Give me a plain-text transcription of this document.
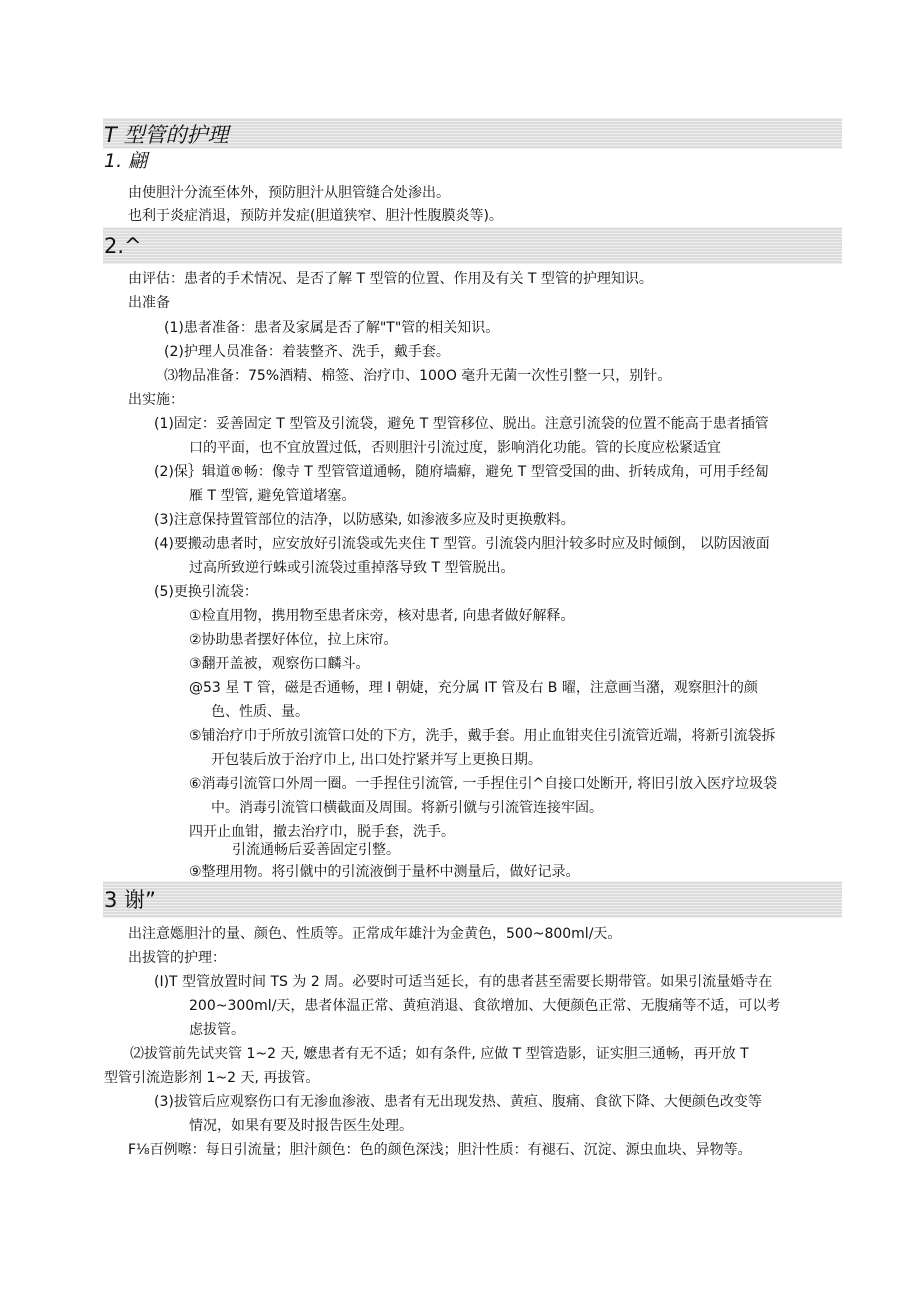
T 型管的护理
1. 翩
由使胆汁分流至体外，预防胆汁从胆管缝合处渗出。
也利于炎症消退，预防并发症(胆道狭窄、胆汁性腹膜炎等)。
2.^
由评估：患者的手术情况、是否了解 T 型管的位置、作用及有关 T 型管的护理知识。
出准备
(1)患者准备：患者及家属是否了解"T"管的相关知识。
(2)护理人员准备：着装整齐、洗手，戴手套。
⑶物品准备：75%酒精、棉签、治疗巾、100O 毫升无菌一次性引整一只，别针。
出实施：
(1)固定：妥善固定 T 型管及引流袋，避免 T 型管移位、脱出。注意引流袋的位置不能高于患者插管
口的平面，也不宜放置过低，否则胆汁引流过度，影响消化功能。管的长度应松紧适宜
(2)保｝辑道®畅：像寺 T 型管管道通畅，随府墙癖，避免 T 型管受国的曲、折转成角，可用手经匐
雁 T 型管, 避免管道堵塞。
(3)注意保持置管部位的洁净，以防感染, 如渗液多应及时更换敷料。
(4)要搬动患者时，应安放好引流袋或先夹住 T 型管。引流袋内胆汁较多时应及时倾倒， 以防因液面
过高所致逆行蛛或引流袋过重掉落导致 T 型管脱出。
(5)更换引流袋：
①检直用物，携用物至患者床旁，核对患者, 向患者做好解释。
②协助患者摆好体位，拉上床帘。
③翻开盖被，观察伤口麟斗。
@53 星 T 管，磁是否通畅，理 I 朝婕，充分属 IT 管及右 B 曜，注意画当潴，观察胆汁的颜
色、性质、量。
⑤铺治疗巾于所放引流管口处的下方，洗手，戴手套。用止血钳夹住引流管近端，将新引流袋拆
开包装后放于治疗巾上, 出口处拧紧并写上更换日期。
⑥消毒引流管口外周一圈。一手捏住引流管, 一手捏住引^自接口处断开, 将旧引放入医疗垃圾袋
中。消毒引流管口横截面及周围。将新引僦与引流管连接牢固。
四开止血钳，撤去治疗巾，脱手套，洗手。
引流通畅后妥善固定引整。
⑨整理用物。将引僦中的引流液倒于量杯中测量后，做好记录。
3 谢”
出注意嫕胆汁的量、颜色、性质等。正常成年雄汁为金黄色，500~800ml/天。
出拔管的护理：
(I)T 型管放置时间 TS 为 2 周。必要时可适当延长，有的患者甚至需要长期带管。如果引流量婚寺在
200~300ml/天，患者体温正常、黄疸消退、食欲增加、大便颜色正常、无腹痛等不适，可以考
虑拔管。
⑵拔管前先试夹管 1~2 天, 嬷患者有无不适；如有条件, 应做 T 型管造影，证实胆三通畅，再开放 T
型管引流造影剂 1~2 天, 再拔管。
(3)拔管后应观察伤口有无渗血渗液、患者有无出现发热、黄疸、腹痛、食欲下降、大便颜色改变等
情况，如果有要及时报告医生处理。
F⅛百例嚓：每日引流量；胆汁颜色：色的颜色深浅；胆汁性质：有褪石、沉淀、源虫血块、异物等。
